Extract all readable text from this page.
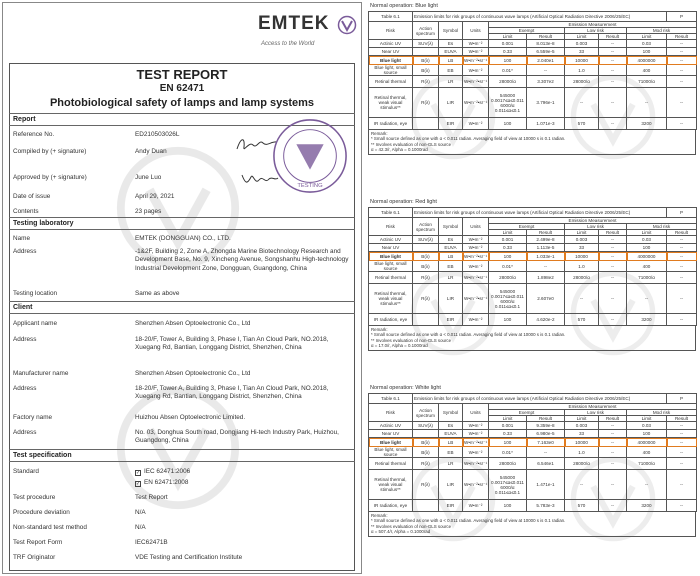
EMTEK
Access to the World
TEST REPORT
EN 62471
Photobiological safety of lamps and lamp systems
Report
Reference No.	ED210503026L
Compiled by (+ signature)	Andy Duan
Approved by (+ signature)	June Luo
Date of issue	April 29, 2021
Contents	23 pages
TESTING
Testing laboratory
Name	EMTEK (DONGGUAN) CO., LTD.
Address	-1&2F, Building 2, Zone A, Zhongda Marine Biotechnology Research and Development Base, No. 9, Xincheng Avenue, Songshanhu High-technology Industrial Development Zone, Dongguan, Guangdong, China
Testing location	Same as above
Client
Applicant name	Shenzhen Absen Optoelectronic Co., Ltd
Address	18-20/F, Tower A, Building 3, Phase I, Tian An Cloud Park, NO.2018, Xuegang Rd, Bantian, Longgang District, Shenzhen, China
Manufacturer name	Shenzhen Absen Optoelectronic Co., Ltd
Address	18-20/F, Tower A, Building 3, Phase I, Tian An Cloud Park, NO.2018, Xuegang Rd, Bantian, Longgang District, Shenzhen, China
Factory name	Huizhou Absen Optoelectronic Limited.
Address	No. 03, Donghua South road, Dongjiang Hi-tech Industry Park, Huizhou, Guangdong, China
Test specification
Standard	✓ IEC 62471:2006
✓ EN 62471:2008
Test procedure	Test Report
Procedure deviation	N/A
Non-standard test method	N/A
Test Report Form	IEC62471B
TRF Originator	VDE Testing and Certification Institute
Normal operation: Blue light
Table 6.1	Emission limits for risk groups of continuous wave lamps (Artificial Optical Radiation Directive 2006/25/EC)								P
Risk	Action spectrum	Symbol	Units	Emission Measurement					
				Exempt		Low risk		Mod risk	
				Limit	Result	Limit	Result	Limit	Result
Actinic UV	SUV(λ)	Es	W•m⁻²	0.001	8.013e-8	0.003	--	0.03	--
Near UV		EUVA	W•m⁻²	0.33	6.559e-5	33	--	100	--
Blue light	B(λ)	LB	W•m⁻²•sr⁻¹	100	2.040e1	10000	--	4000000	--
Blue light, small source	B(λ)	EB	W•m⁻²	0.01*	--	1.0	--	400	--
Retinal thermal	R(λ)	LR	W•m⁻²•sr⁻¹	28000/α	3.307e2	28000/α	--	71000/α	--
Retinal thermal, weak visual stimulus**	R(λ)	LIR	W•m⁻²•sr⁻¹	545000 0.0017≤α≤0.011 6000/α 0.011≤α≤0.1	3.796e-1	--	--	--	--
IR radiation, eye		EIR	W•m⁻²	100	1.071e-3	570	--	3200	--
Remark:
* Small source defined as one with α < 0.011 radian. Averaging field of view at 10000 s is 0.1 radian.
** Involves evaluation of non-GLS source
α = 42.3/r, Alpha = 0.1000rad
Normal operation: Red light
Table 6.1	Emission limits for risk groups of continuous wave lamps (Artificial Optical Radiation Directive 2006/25/EC)								P
Risk	Action spectrum	Symbol	Units	Emission Measurement					
				Exempt		Low risk		Mod risk	
				Limit	Result	Limit	Result	Limit	Result
Actinic UV	SUV(λ)	Es	W•m⁻²	0.001	2.499e-8	0.003	--	0.03	--
Near UV		EUVA	W•m⁻²	0.33	1.113e-5	33	--	100	--
Blue light	B(λ)	LB	W•m⁻²•sr⁻¹	100	1.033e-1	10000	--	4000000	--
Blue light, small source	B(λ)	EB	W•m⁻²	0.01*	--	1.0	--	400	--
Retinal thermal	R(λ)	LR	W•m⁻²•sr⁻¹	28000/α	1.898e2	28000/α	--	71000/α	--
Retinal thermal, weak visual stimulus**	R(λ)	LIR	W•m⁻²•sr⁻¹	545000 0.0017≤α≤0.011 6000/α 0.011≤α≤0.1	2.607e0	--	--	--	--
IR radiation, eye		EIR	W•m⁻²	100	4.620e-2	570	--	3200	--
Remark:
* Small source defined as one with α < 0.011 radian. Averaging field of view at 10000 s is 0.1 radian.
** Involves evaluation of non-GLS source
α = 17.0/r, Alpha = 0.1000rad
Normal operation: White light
Table 6.1	Emission limits for risk groups of continuous wave lamps (Artificial Optical Radiation Directive 2006/25/EC)								P
Risk	Action spectrum	Symbol	Units	Emission Measurement					
				Exempt		Low risk		Mod risk	
				Limit	Result	Limit	Result	Limit	Result
Actinic UV	SUV(λ)	Es	W•m⁻²	0.001	9.359e-8	0.003	--	0.03	--
Near UV		EUVA	W•m⁻²	0.33	6.980e-5	33	--	100	--
Blue light	B(λ)	LB	W•m⁻²•sr⁻¹	100	7.163e0	10000	--	4000000	--
Blue light, small source	B(λ)	EB	W•m⁻²	0.01*	--	1.0	--	400	--
Retinal thermal	R(λ)	LR	W•m⁻²•sr⁻¹	28000/α	6.546e1	28000/α	--	71000/α	--
Retinal thermal, weak visual stimulus**	R(λ)	LIR	W•m⁻²•sr⁻¹	545000 0.0017≤α≤0.011 6000/α 0.011≤α≤0.1	1.471e-1	--	--	--	--
IR radiation, eye		EIR	W•m⁻²	100	5.783e-3	570	--	3200	--
Remark:
* Small source defined as one with α < 0.011 radian. Averaging field of view at 10000 s is 0.1 radian.
** Involves evaluation of non-GLS source
α = 507.4/r, Alpha = 0.1000rad
